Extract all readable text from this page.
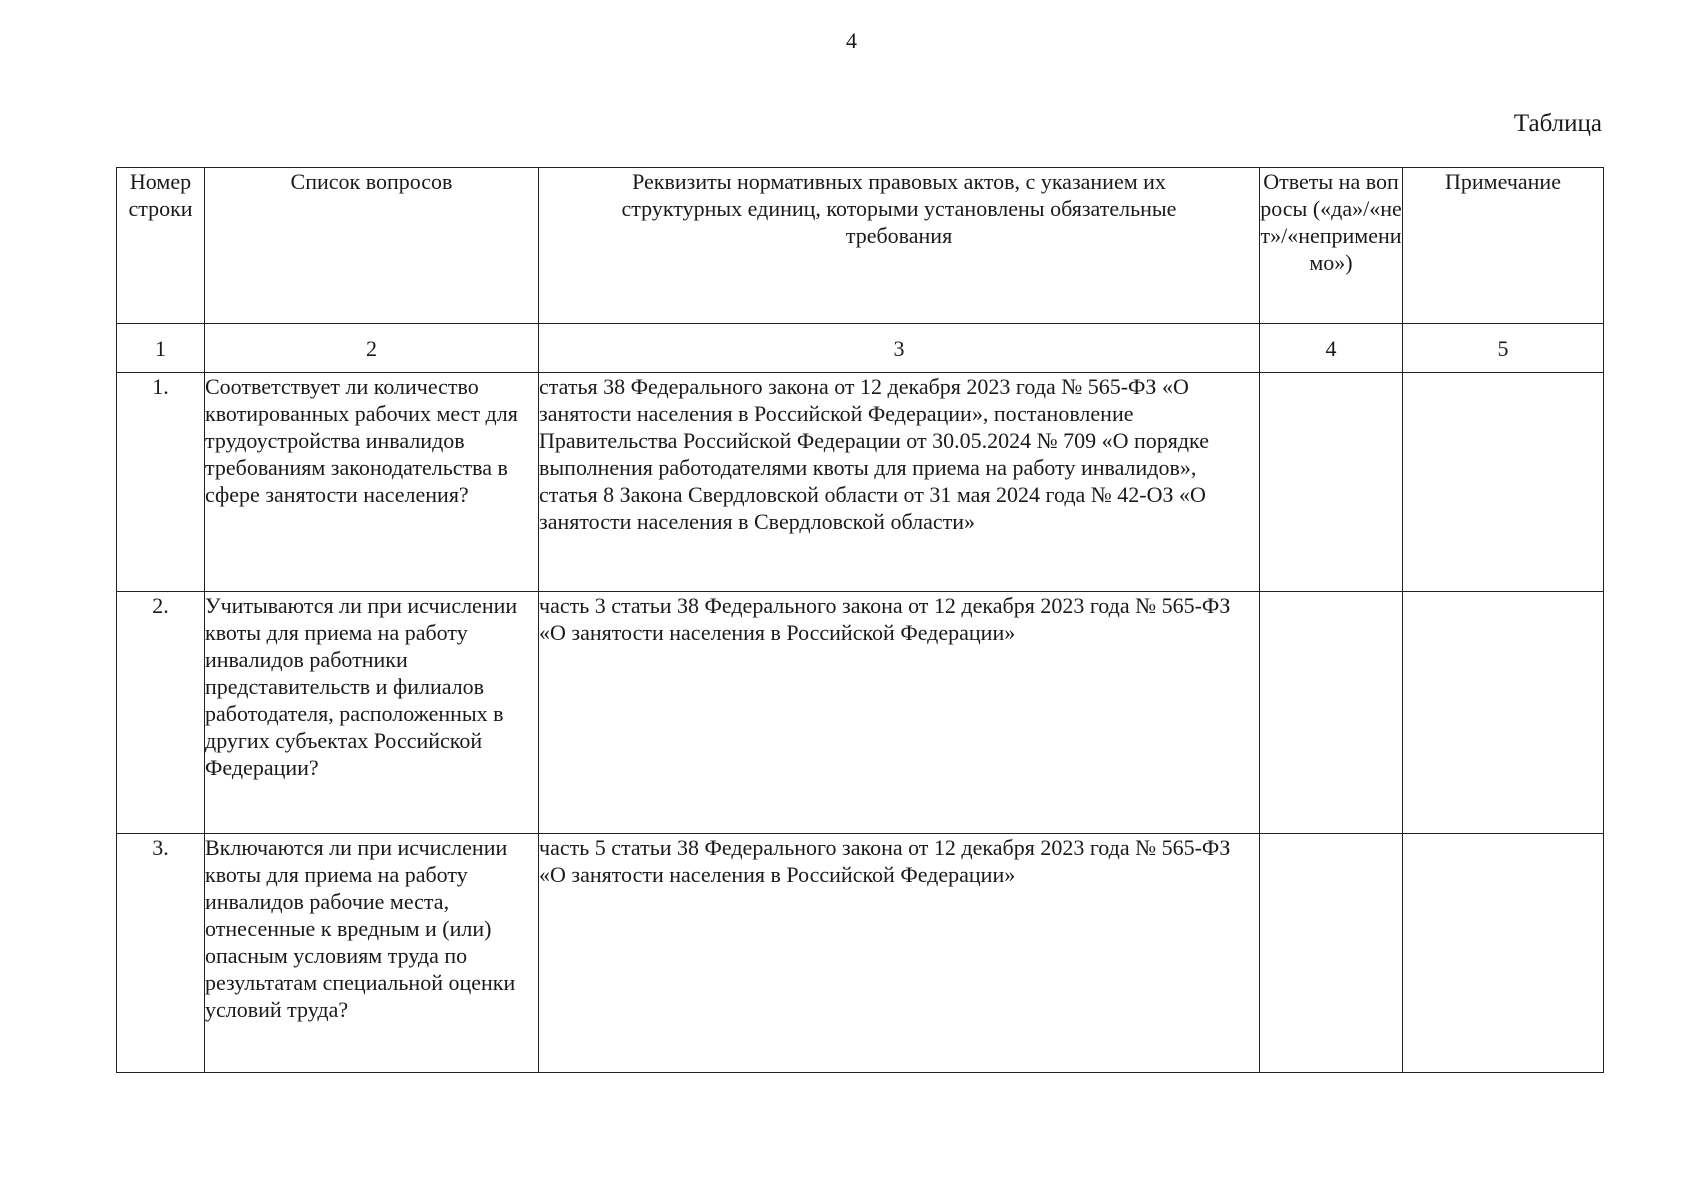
4
Таблица
Номер строки	Список вопросов	Реквизиты нормативных правовых актов, с указанием их структурных единиц, которыми установлены обязательные требования	Ответы на вопросы («да»/«нет»/«неприменимо»)	Примечание
1	2	3	4	5
1.	Соответствует ли количество квотированных рабочих мест для трудоустройства инвалидов требованиям законодательства в сфере занятости населения?	статья 38 Федерального закона от 12 декабря 2023 года № 565-ФЗ «О занятости населения в Российской Федерации», постановление Правительства Российской Федерации от 30.05.2024 № 709 «О порядке выполнения работодателями квоты для приема на работу инвалидов», статья 8 Закона Свердловской области от 31 мая 2024 года № 42-ОЗ «О занятости населения в Свердловской области»		
2.	Учитываются ли при исчислении квоты для приема на работу инвалидов работники представительств и филиалов работодателя, расположенных в других субъектах Российской Федерации?	часть 3 статьи 38 Федерального закона от 12 декабря 2023 года № 565-ФЗ «О занятости населения в Российской Федерации»		
3.	Включаются ли при исчислении квоты для приема на работу инвалидов рабочие места, отнесенные к вредным и (или) опасным условиям труда по результатам специальной оценки условий труда?	часть 5 статьи 38 Федерального закона от 12 декабря 2023 года № 565-ФЗ «О занятости населения в Российской Федерации»		
